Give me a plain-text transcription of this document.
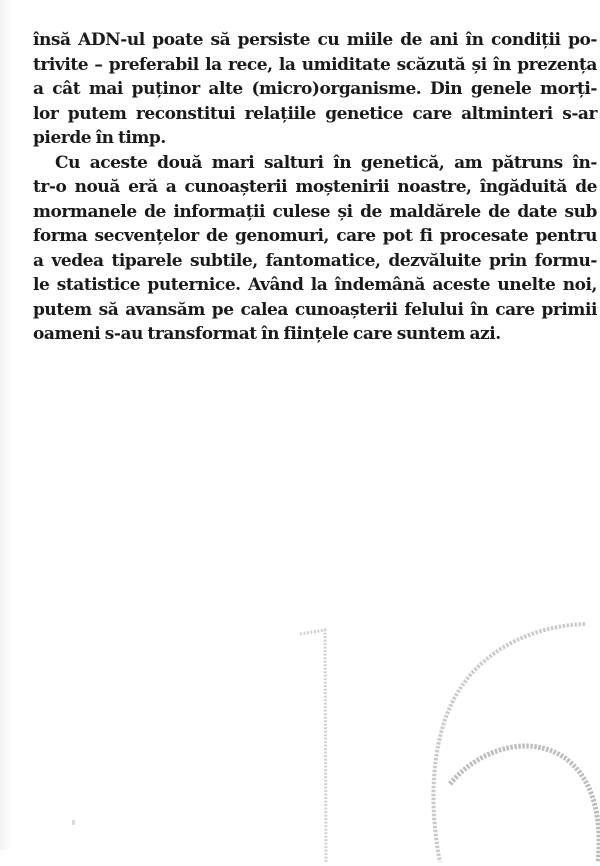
însă ADN-ul poate să persiste cu miile de ani în condiții po-
trivite – preferabil la rece, la umiditate scăzută și în prezența
a cât mai puținor alte (micro)organisme. Din genele morți-
lor putem reconstitui relațiile genetice care altminteri s-ar
pierde în timp.
Cu aceste două mari salturi în genetică, am pătruns în-
tr-o nouă eră a cunoașterii moștenirii noastre, îngăduită de
mormanele de informații culese și de maldărele de date sub
forma secvențelor de genomuri, care pot fi procesate pentru
a vedea tiparele subtile, fantomatice, dezvăluite prin formu-
le statistice puternice. Având la îndemână aceste unelte noi,
putem să avansăm pe calea cunoașterii felului în care primii
oameni s-au transformat în ființele care suntem azi.
